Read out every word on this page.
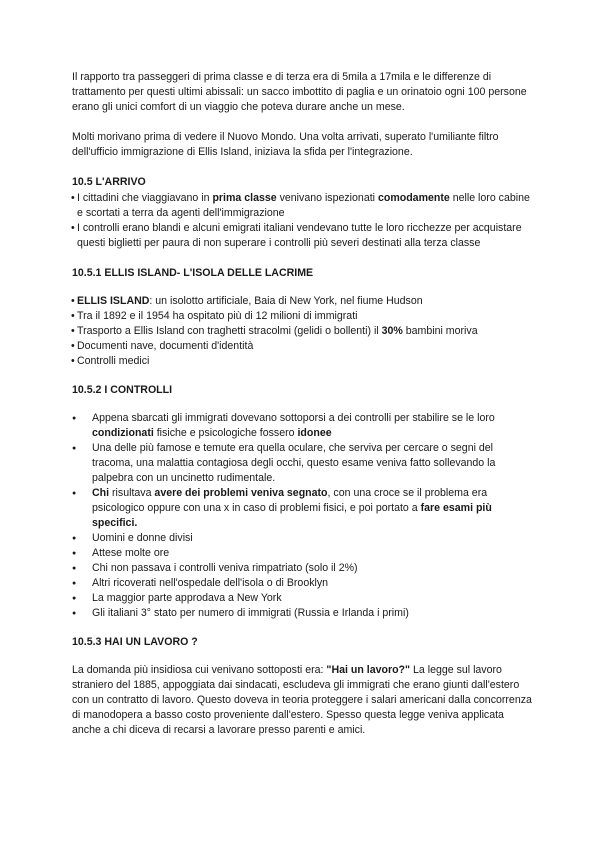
Il rapporto tra passeggeri di prima classe e di terza era di 5mila a 17mila e le differenze di trattamento per questi ultimi abissali: un sacco imbottito di paglia e un orinatoio ogni 100 persone erano gli unici comfort di un viaggio che poteva durare anche un mese.

Molti morivano prima di vedere il Nuovo Mondo. Una volta arrivati, superato l'umiliante filtro dell'ufficio immigrazione di Ellis Island, iniziava la sfida per l'integrazione.

10.5 L'ARRIVO
• I cittadini che viaggiavano in prima classe venivano ispezionati comodamente nelle loro cabine e scortati a terra da agenti dell'immigrazione
• I controlli erano blandi e alcuni emigrati italiani vendevano tutte le loro ricchezze per acquistare questi biglietti per paura di non superare i controlli più severi destinati alla terza classe
10.5.1 ELLIS ISLAND- L'ISOLA DELLE LACRIME
• ELLIS ISLAND: un isolotto artificiale, Baia di New York, nel fiume Hudson
• Tra il 1892 e il 1954 ha ospitato più di 12 milioni di immigrati
• Trasporto a Ellis Island con traghetti stracolmi (gelidi o bollenti) il 30% bambini moriva
• Documenti nave, documenti d'identità
• Controlli medici
10.5.2 I CONTROLLI
● Appena sbarcati gli immigrati dovevano sottoporsi a dei controlli per stabilire se le loro condizionati fisiche e psicologiche fossero idonee
● Una delle più famose e temute era quella oculare, che serviva per cercare o segni del tracoma, una malattia contagiosa degli occhi, questo esame veniva fatto sollevando la palpebra con un uncinetto rudimentale.
● Chi risultava avere dei problemi veniva segnato, con una croce se il problema era psicologico oppure con una x in caso di problemi fisici, e poi portato a fare esami più specifici.
● Uomini e donne divisi
● Attese molte ore
● Chi non passava i controlli veniva rimpatriato (solo il 2%)
● Altri ricoverati nell'ospedale dell'isola o di Brooklyn
● La maggior parte approdava a New York
● Gli italiani 3° stato per numero di immigrati (Russia e Irlanda i primi)
10.5.3 HAI UN LAVORO ?

La domanda più insidiosa cui venivano sottoposti era: "Hai un lavoro?" La legge sul lavoro straniero del 1885, appoggiata dai sindacati, escludeva gli immigrati che erano giunti dall'estero con un contratto di lavoro. Questo doveva in teoria proteggere i salari americani dalla concorrenza di manodopera a basso costo proveniente dall'estero. Spesso questa legge veniva applicata anche a chi diceva di recarsi a lavorare presso parenti e amici.
